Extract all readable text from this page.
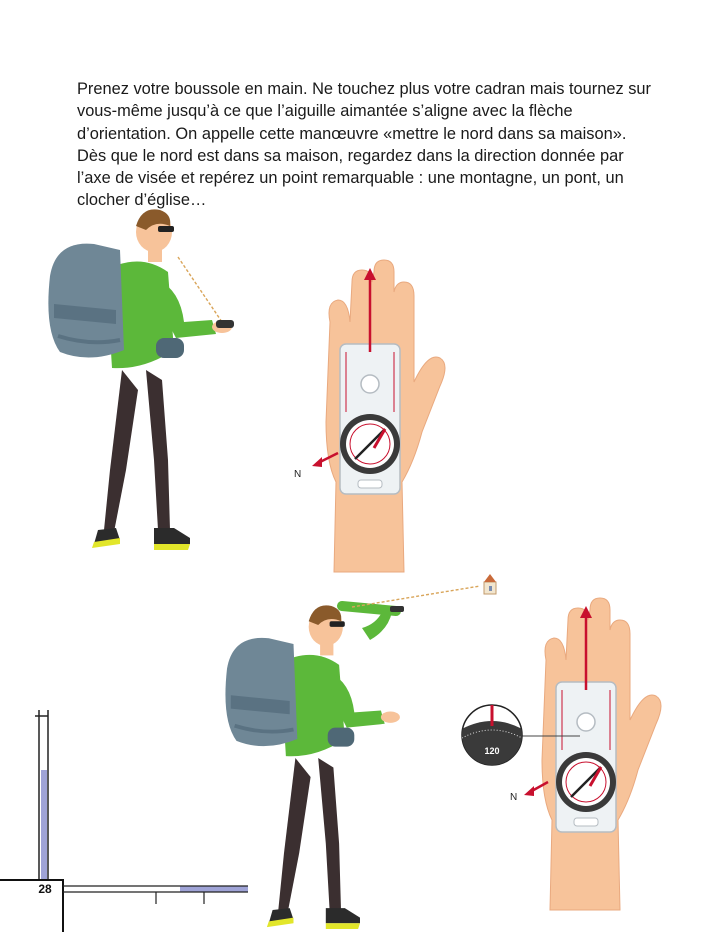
Prenez votre boussole en main. Ne touchez plus votre cadran mais tournez sur vous-même jusqu’à ce que l’aiguille aimantée s’aligne avec la flèche d’orientation. On appelle cette manœuvre «mettre le nord dans sa maison». Dès que le nord est dans sa maison, regardez dans la direction donnée par l’axe de visée et repérez un point remarquable : une montagne, un pont, un clocher d’église…

N
N
120
28
